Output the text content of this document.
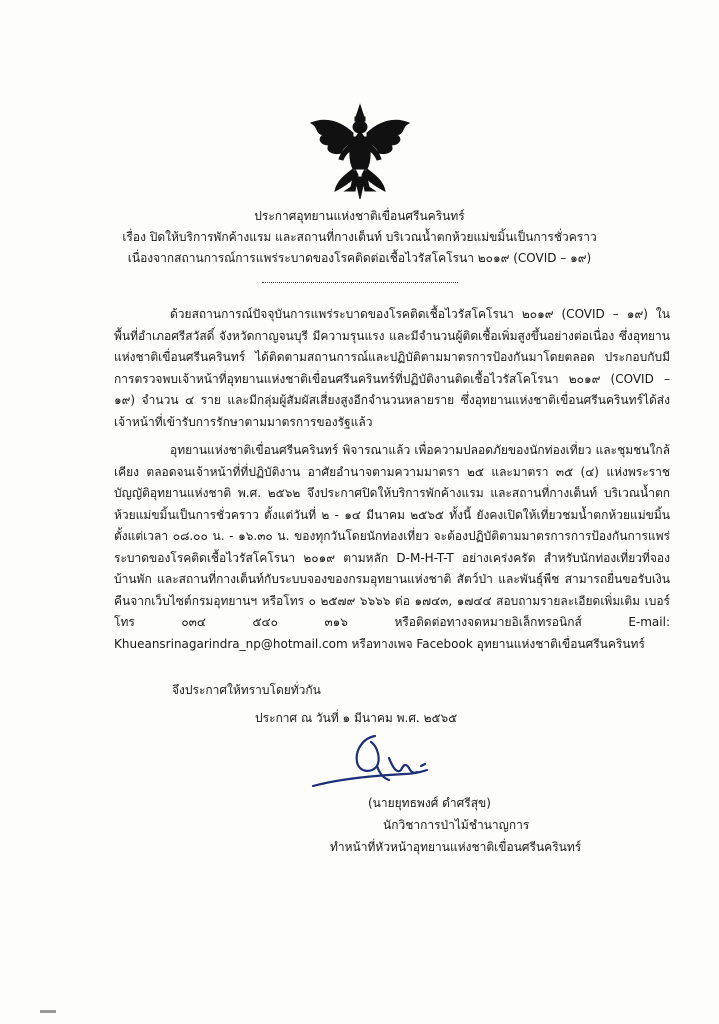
ประกาศอุทยานแห่งชาติเขื่อนศรีนครินทร์
เรื่อง ปิดให้บริการพักค้างแรม และสถานที่กางเต็นท์ บริเวณน้ำตกห้วยแม่ขมิ้นเป็นการชั่วคราว
เนื่องจากสถานการณ์การแพร่ระบาดของโรคติดต่อเชื้อไวรัสโคโรนา ๒๐๑๙ (COVID – ๑๙)

ด้วยสถานการณ์ปัจจุบันการแพร่ระบาดของโรคติดเชื้อไวรัสโคโรนา ๒๐๑๙ (COVID – ๑๙) ในพื้นที่อำเภอศรีสวัสดิ์ จังหวัดกาญจนบุรี มีความรุนแรง และมีจำนวนผู้ติดเชื้อเพิ่มสูงขึ้นอย่างต่อเนื่อง ซึ่งอุทยานแห่งชาติเขื่อนศรีนครินทร์ ได้ติดตามสถานการณ์และปฏิบัติตามมาตรการป้องกันมาโดยตลอด ประกอบกับมีการตรวจพบเจ้าหน้าที่อุทยานแห่งชาติเขื่อนศรีนครินทร์ที่ปฏิบัติงานติดเชื้อไวรัสโคโรนา ๒๐๑๙ (COVID – ๑๙) จำนวน ๔ ราย และมีกลุ่มผู้สัมผัสเสี่ยงสูงอีกจำนวนหลายราย ซึ่งอุทยานแห่งชาติเขื่อนศรีนครินทร์ได้ส่งเจ้าหน้าที่เข้ารับการรักษาตามมาตรการของรัฐแล้ว

อุทยานแห่งชาติเขื่อนศรีนครินทร์ พิจารณาแล้ว เพื่อความปลอดภัยของนักท่องเที่ยว และชุมชนใกล้เคียง ตลอดจนเจ้าหน้าที่ที่ปฏิบัติงาน อาศัยอำนาจตามความมาตรา ๒๕ และมาตรา ๓๕ (๔) แห่งพระราชบัญญัติอุทยานแห่งชาติ พ.ศ. ๒๕๖๒ จึงประกาศปิดให้บริการพักค้างแรม และสถานที่กางเต็นท์ บริเวณน้ำตกห้วยแม่ขมิ้นเป็นการชั่วคราว ตั้งแต่วันที่ ๒ - ๑๔ มีนาคม ๒๕๖๕ ทั้งนี้ ยังคงเปิดให้เที่ยวชมน้ำตกห้วยแม่ขมิ้น ตั้งแต่เวลา ๐๘.๐๐ น. - ๑๖.๓๐ น. ของทุกวันโดยนักท่องเที่ยว จะต้องปฏิบัติตามมาตรการการป้องกันการแพร่ระบาดของโรคติดเชื้อไวรัสโคโรนา ๒๐๑๙ ตามหลัก D-M-H-T-T อย่างเคร่งครัด สำหรับนักท่องเที่ยวที่จองบ้านพัก และสถานที่กางเต็นท์กับระบบจองของกรมอุทยานแห่งชาติ สัตว์ป่า และพันธุ์พืช สามารถยื่นขอรับเงินคืนจากเว็บไซต์กรมอุทยานฯ หรือโทร ๐ ๒๕๗๙ ๖๖๖๖ ต่อ ๑๗๔๓, ๑๗๔๔ สอบถามรายละเอียดเพิ่มเติม เบอร์โทร ๐๓๔ ๕๔๐ ๓๑๖ หรือติดต่อทางจดหมายอิเล็กทรอนิกส์ E-mail: Khueansrinagarindra_np@hotmail.com หรือทางเพจ Facebook อุทยานแห่งชาติเขื่อนศรีนครินทร์

จึงประกาศให้ทราบโดยทั่วกัน
ประกาศ ณ วันที่ ๑ มีนาคม พ.ศ. ๒๕๖๕
(นายยุทธพงศ์ ดำศรีสุข)
นักวิชาการป่าไม้ชำนาญการ
ทำหน้าที่หัวหน้าอุทยานแห่งชาติเขื่อนศรีนครินทร์
